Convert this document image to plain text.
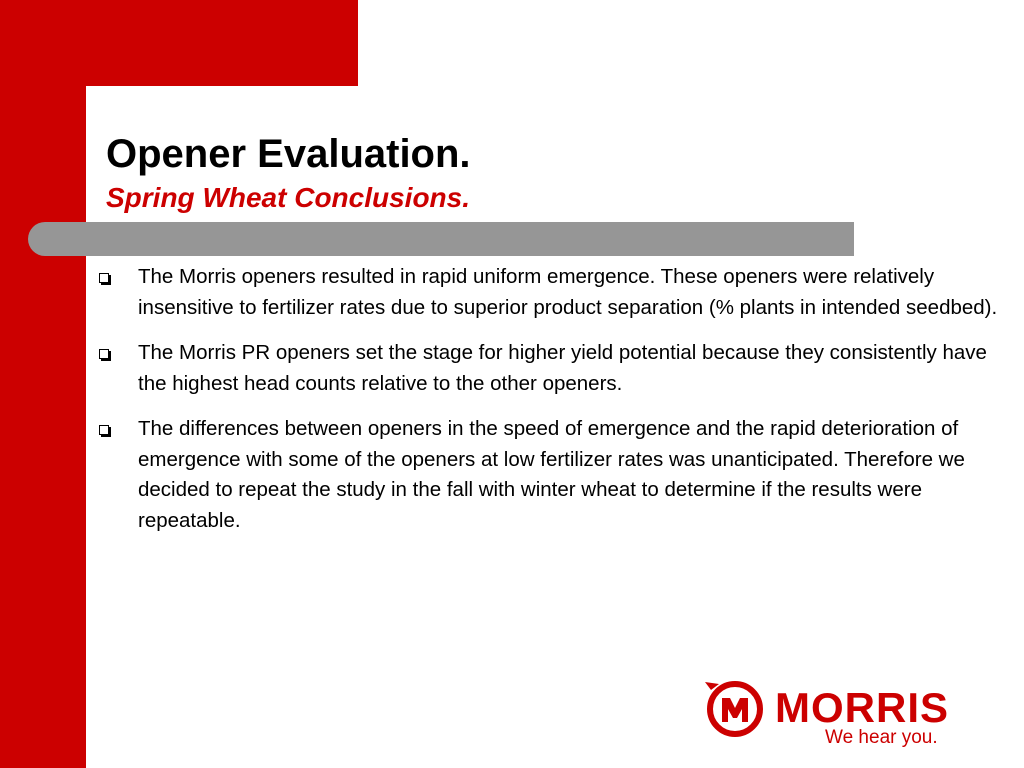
Opener Evaluation.
Spring Wheat Conclusions.
The Morris openers resulted in rapid uniform emergence. These openers were relatively insensitive to fertilizer rates due to superior product separation (% plants in intended seedbed).
The Morris PR openers set the stage for higher yield potential because they consistently have the highest head counts relative to the other openers.
The differences between openers in the speed of emergence and the rapid deterioration of emergence with some of the openers at low fertilizer rates was unanticipated. Therefore we decided to repeat the study in the fall with winter wheat to determine if the results were repeatable.
MORRIS
We hear you.
